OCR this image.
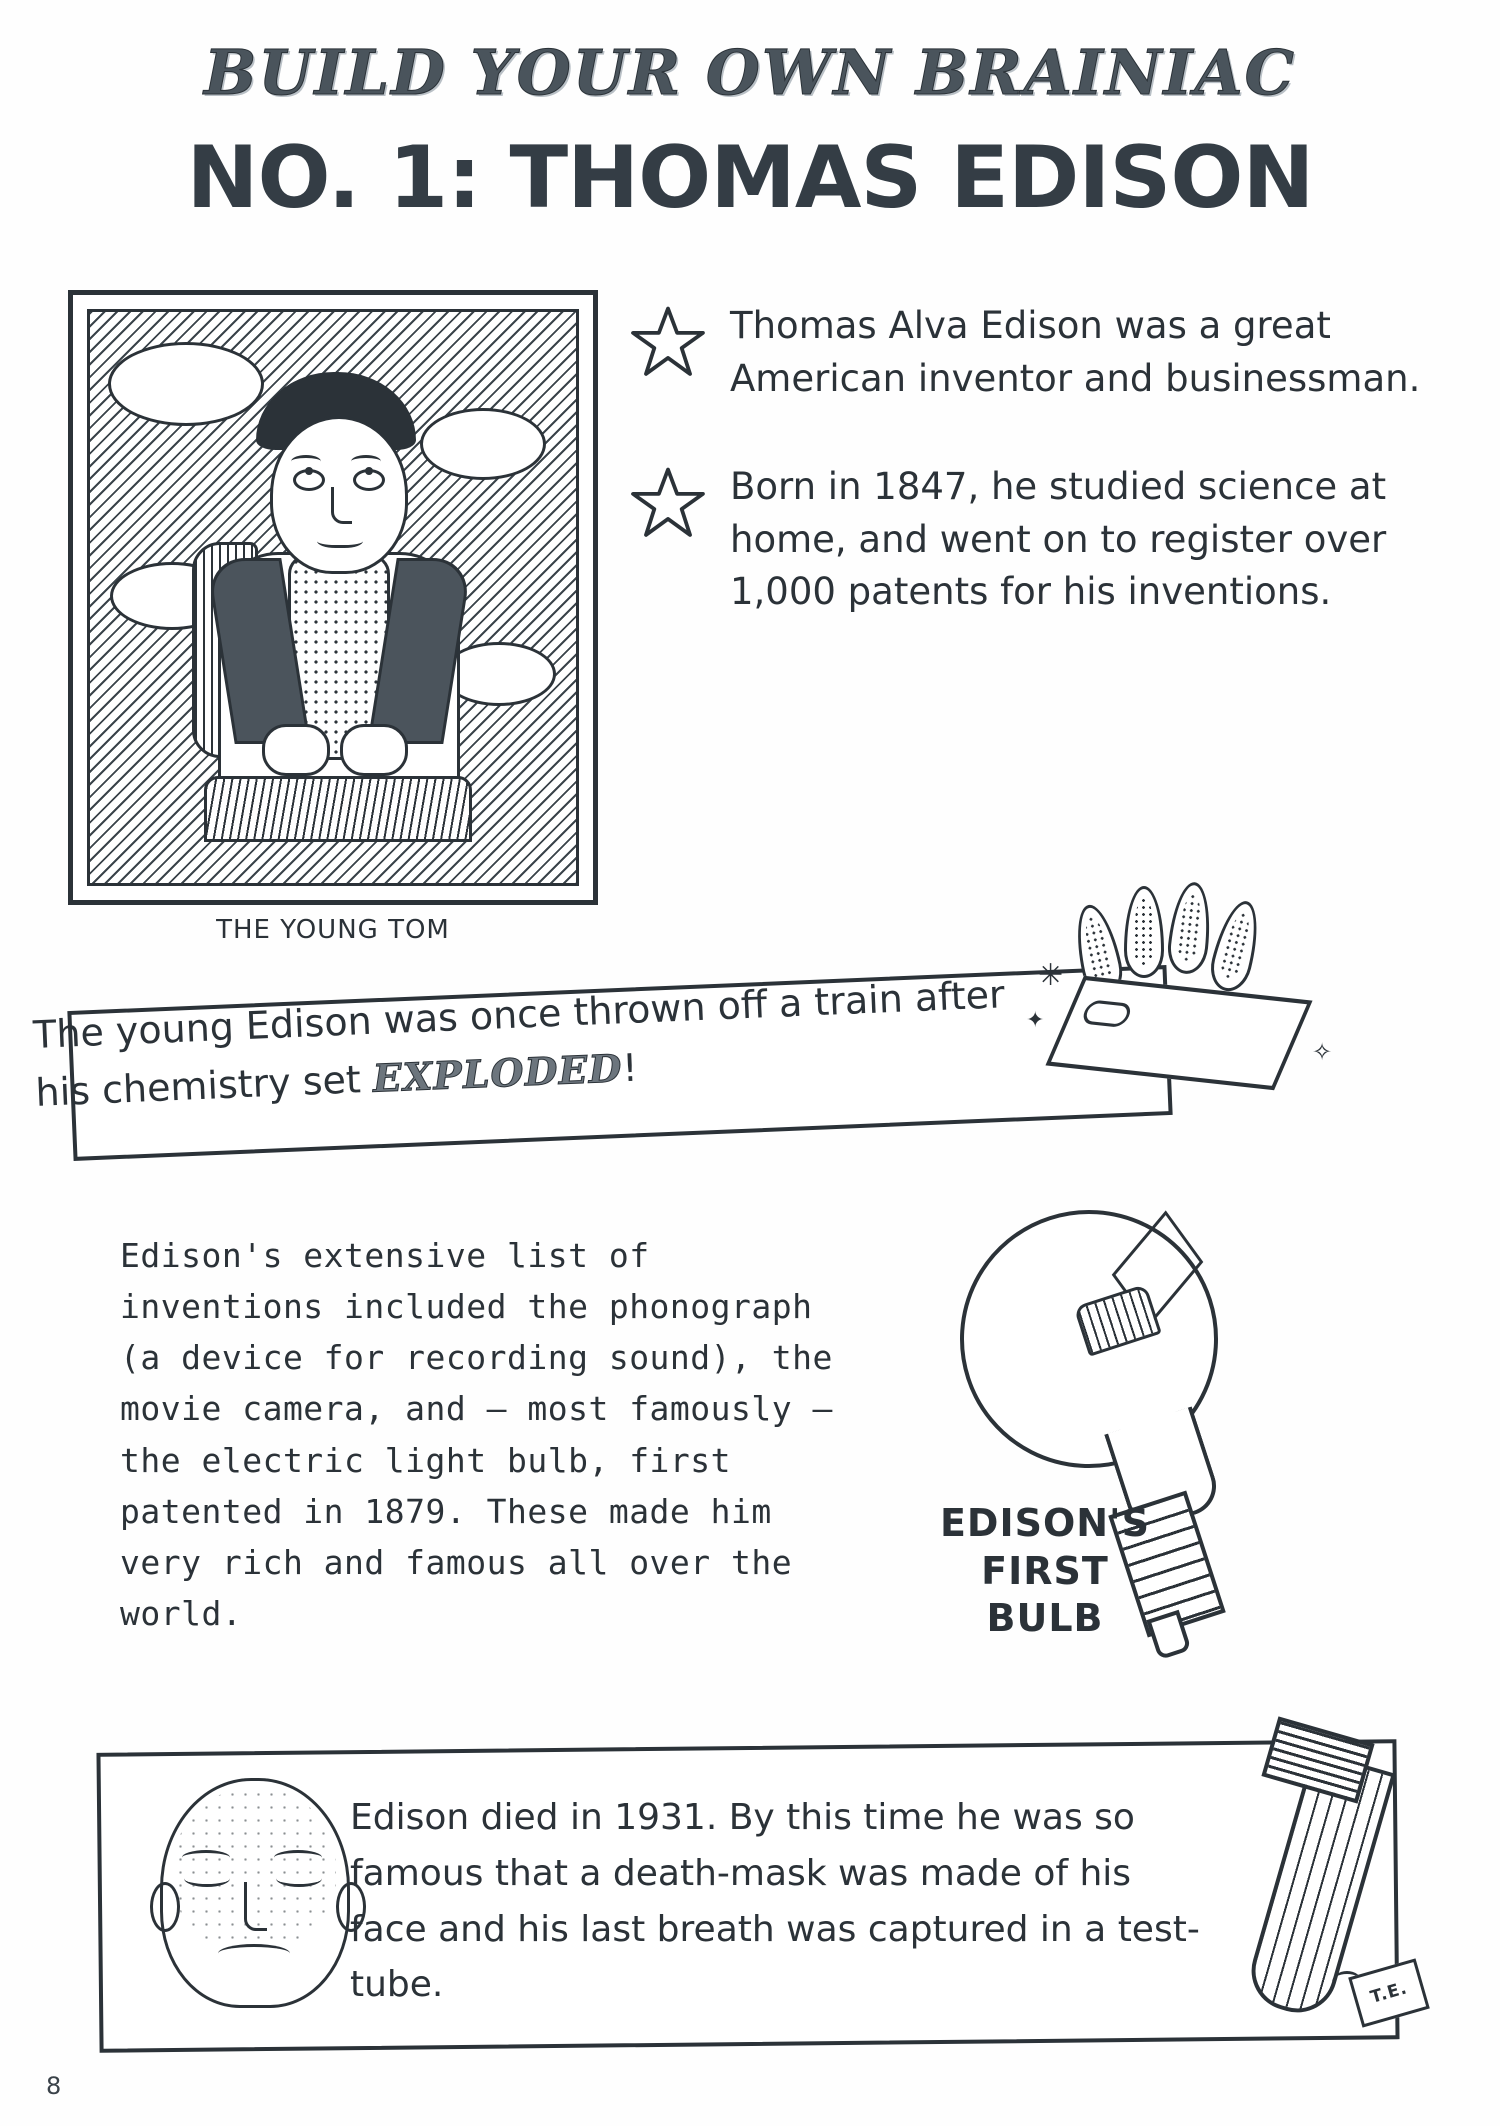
BUILD YOUR OWN BRAINIAC
NO. 1: THOMAS EDISON
THE YOUNG TOM
Thomas Alva Edison was a great American inventor and businessman.
Born in 1847, he studied science at home, and went on to register over 1,000 patents for his inventions.
✳
✦
✧
The young Edison was once thrown off a train after his chemistry set EXPLODED!
Edison's extensive list of inventions included the phonograph (a device for recording sound), the movie camera, and — most famously — the electric light bulb, first patented in 1879. These made him very rich and famous all over the world.
EDISON'S
FIRST
BULB
Edison died in 1931. By this time he was so famous that a death-mask was made of his face and his last breath was captured in a test-tube.	T.E.
8
